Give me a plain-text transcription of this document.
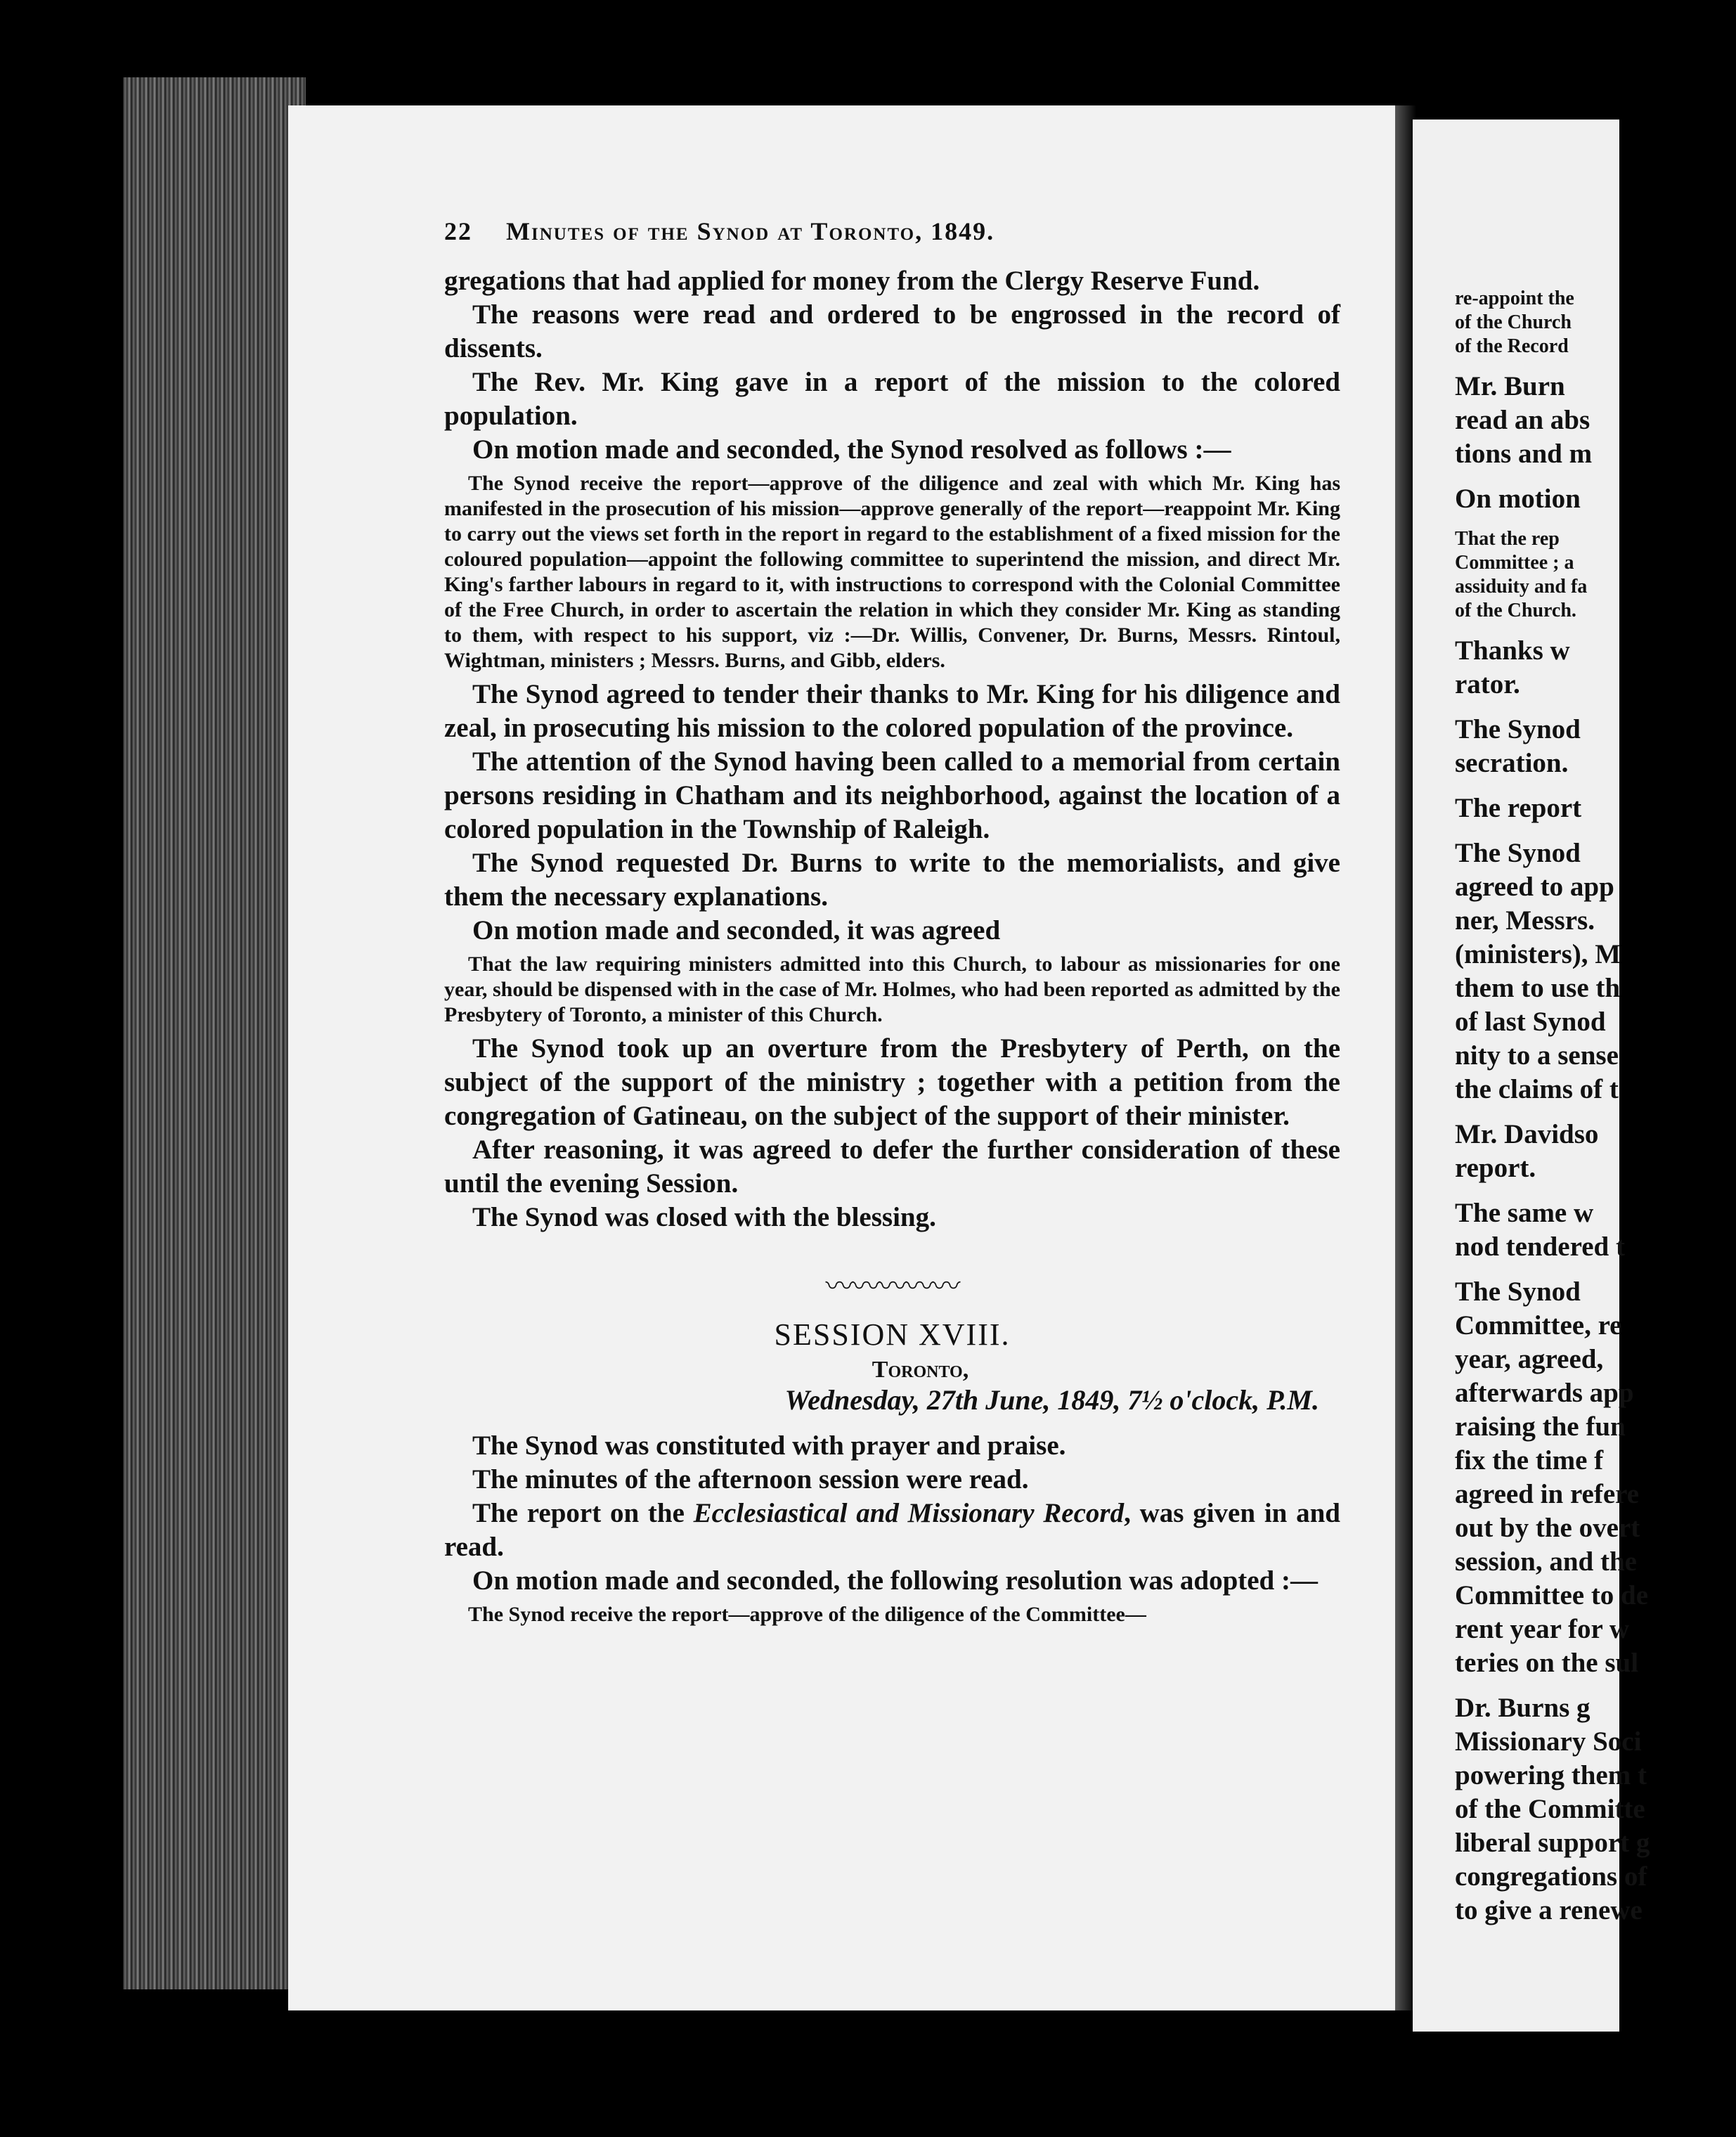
22 Minutes of the Synod at Toronto, 1849.

gregations that had applied for money from the Clergy Reserve Fund.

The reasons were read and ordered to be engrossed in the record of dissents.

The Rev. Mr. King gave in a report of the mission to the colored population.

On motion made and seconded, the Synod resolved as follows :—

The Synod receive the report—approve of the diligence and zeal with which Mr. King has manifested in the prosecution of his mission—approve generally of the report—reappoint Mr. King to carry out the views set forth in the report in regard to the establishment of a fixed mission for the coloured population—appoint the following committee to superintend the mission, and direct Mr. King's farther labours in regard to it, with instructions to correspond with the Colonial Committee of the Free Church, in order to ascertain the relation in which they consider Mr. King as standing to them, with respect to his support, viz :—Dr. Willis, Convener, Dr. Burns, Messrs. Rintoul, Wightman, ministers ; Messrs. Burns, and Gibb, elders.

The Synod agreed to tender their thanks to Mr. King for his diligence and zeal, in prosecuting his mission to the colored population of the province.

The attention of the Synod having been called to a memorial from certain persons residing in Chatham and its neighborhood, against the location of a colored population in the Township of Raleigh.

The Synod requested Dr. Burns to write to the memorialists, and give them the necessary explanations.

On motion made and seconded, it was agreed

That the law requiring ministers admitted into this Church, to labour as missionaries for one year, should be dispensed with in the case of Mr. Holmes, who had been reported as admitted by the Presbytery of Toronto, a minister of this Church.

The Synod took up an overture from the Presbytery of Perth, on the subject of the support of the ministry ; together with a petition from the congregation of Gatineau, on the subject of the support of their minister.

After reasoning, it was agreed to defer the further consideration of these until the evening Session.

The Synod was closed with the blessing.

〰〰〰〰〰
SESSION XVIII.
Toronto,
Wednesday, 27th June, 1849, 7½ o'clock, P.M.

The Synod was constituted with prayer and praise.

The minutes of the afternoon session were read.

The report on the Ecclesiastical and Missionary Record, was given in and read.

On motion made and seconded, the following resolution was adopted :—

The Synod receive the report—approve of the diligence of the Committee—

re-appoint the
of the Church
of the Record
Mr. Burn
read an abs
tions and m
On motion
That the rep
Committee ; a
assiduity and fa
of the Church.
Thanks w
rator.
The Synod
secration.
The report
The Synod
agreed to app
ner, Messrs.
(ministers), M
them to use th
of last Synod
nity to a sense
the claims of t
Mr. Davidso
report.
The same w
nod tendered t
The Synod
Committee, re
year, agreed,
afterwards app
raising the fun
fix the time f
agreed in refere
out by the overt
session, and the
Committee to de
rent year for w
teries on the sul
Dr. Burns g
Missionary Soci
powering them t
of the Committe
liberal support g
congregations of
to give a renewe
